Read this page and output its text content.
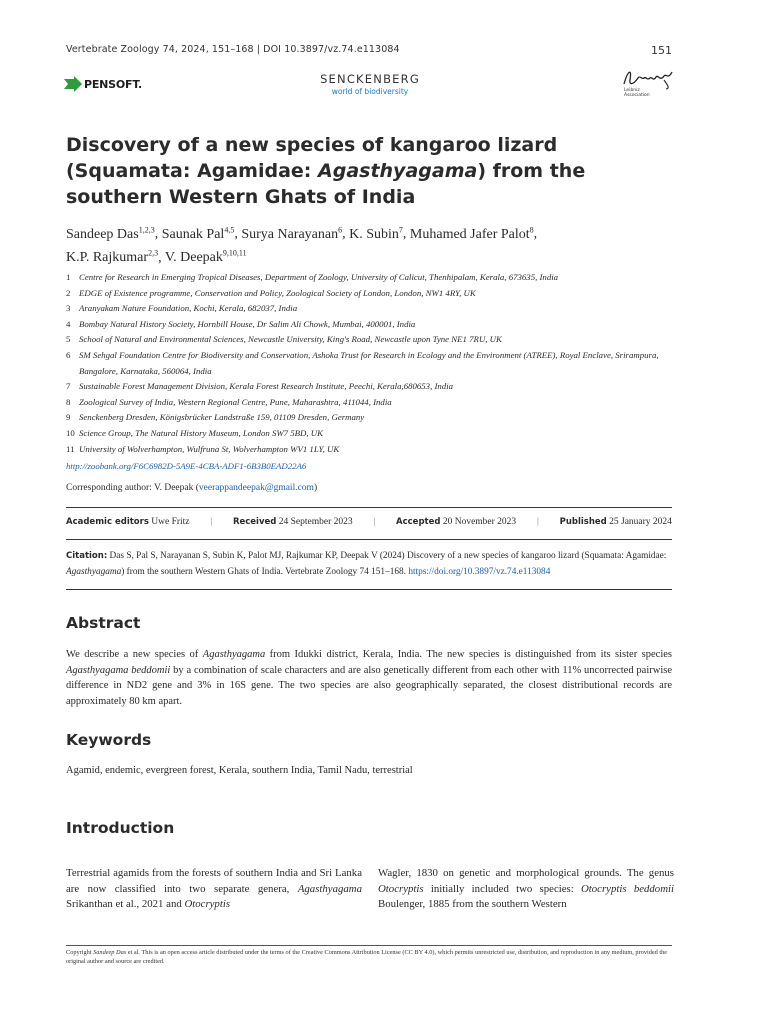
Vertebrate Zoology 74, 2024, 151–168 | DOI 10.3897/vz.74.e113084	151
PENSOFT.	SENCKENBERG
world of biodiversity	Leibniz
Association
Discovery of a new species of kangaroo lizard (Squamata: Agamidae: Agasthyagama) from the southern Western Ghats of India
Sandeep Das$^{1,2,3}$, Saunak Pal$^{4,5}$, Surya Narayanan$^6$, K. Subin$^7$, Muhamed Jafer Palot$^8$,
K.P. Rajkumar$^{2,3}$, V. Deepak$^{9,10,11}$
1 Centre for Research in Emerging Tropical Diseases, Department of Zoology, University of Calicut, Thenhipalam, Kerala, 673635, India
2 EDGE of Existence programme, Conservation and Policy, Zoological Society of London, London, NW1 4RY, UK
3 Aranyakam Nature Foundation, Kochi, Kerala, 682037, India
4 Bombay Natural History Society, Hornbill House, Dr Salim Ali Chowk, Mumbai, 400001, India
5 School of Natural and Environmental Sciences, Newcastle University, King's Road, Newcastle upon Tyne NE1 7RU, UK
6 SM Sehgal Foundation Centre for Biodiversity and Conservation, Ashoka Trust for Research in Ecology and the Environment (ATREE), Royal Enclave, Srirampura, Bangalore, Karnataka, 560064, India
7 Sustainable Forest Management Division, Kerala Forest Research Institute, Peechi, Kerala,680653, India
8 Zoological Survey of India, Western Regional Centre, Pune, Maharashtra, 411044, India
9 Senckenberg Dresden, Königsbrücker Landstraße 159, 01109 Dresden, Germany
10 Science Group, The Natural History Museum, London SW7 5BD, UK
11 University of Wolverhampton, Wulfruna St, Wolverhampton WV1 1LY, UK
http://zoobank.org/F6C6982D-5A9E-4CBA-ADF1-6B3B0EAD22A6
Corresponding author: V. Deepak (veerappandeepak@gmail.com)
Academic editors Uwe Fritz | Received 24 September 2023 | Accepted 20 November 2023 | Published 25 January 2024
Citation: Das S, Pal S, Narayanan S, Subin K, Palot MJ, Rajkumar KP, Deepak V (2024) Discovery of a new species of kangaroo lizard (Squamata: Agamidae: Agasthyagama) from the southern Western Ghats of India. Vertebrate Zoology 74 151–168. https://doi.org/10.3897/vz.74.e113084
Abstract
We describe a new species of Agasthyagama from Idukki district, Kerala, India. The new species is distinguished from its sister species Agasthyagama beddomii by a combination of scale characters and are also genetically different from each other with 11% uncorrected pairwise difference in ND2 gene and 3% in 16S gene. The two species are also geographically separated, the closest distributional records are approximately 80 km apart.
Keywords
Agamid, endemic, evergreen forest, Kerala, southern India, Tamil Nadu, terrestrial
Introduction
Terrestrial agamids from the forests of southern India and Sri Lanka are now classified into two separate genera, Agasthyagama Srikanthan et al., 2021 and Otocryptis
Wagler, 1830 on genetic and morphological grounds. The genus Otocryptis initially included two species: Otocryptis beddomii Boulenger, 1885 from the southern Western
Copyright Sandeep Das et al. This is an open access article distributed under the terms of the Creative Commons Attribution License (CC BY 4.0), which permits unrestricted use, distribution, and reproduction in any medium, provided the original author and source are credited.
